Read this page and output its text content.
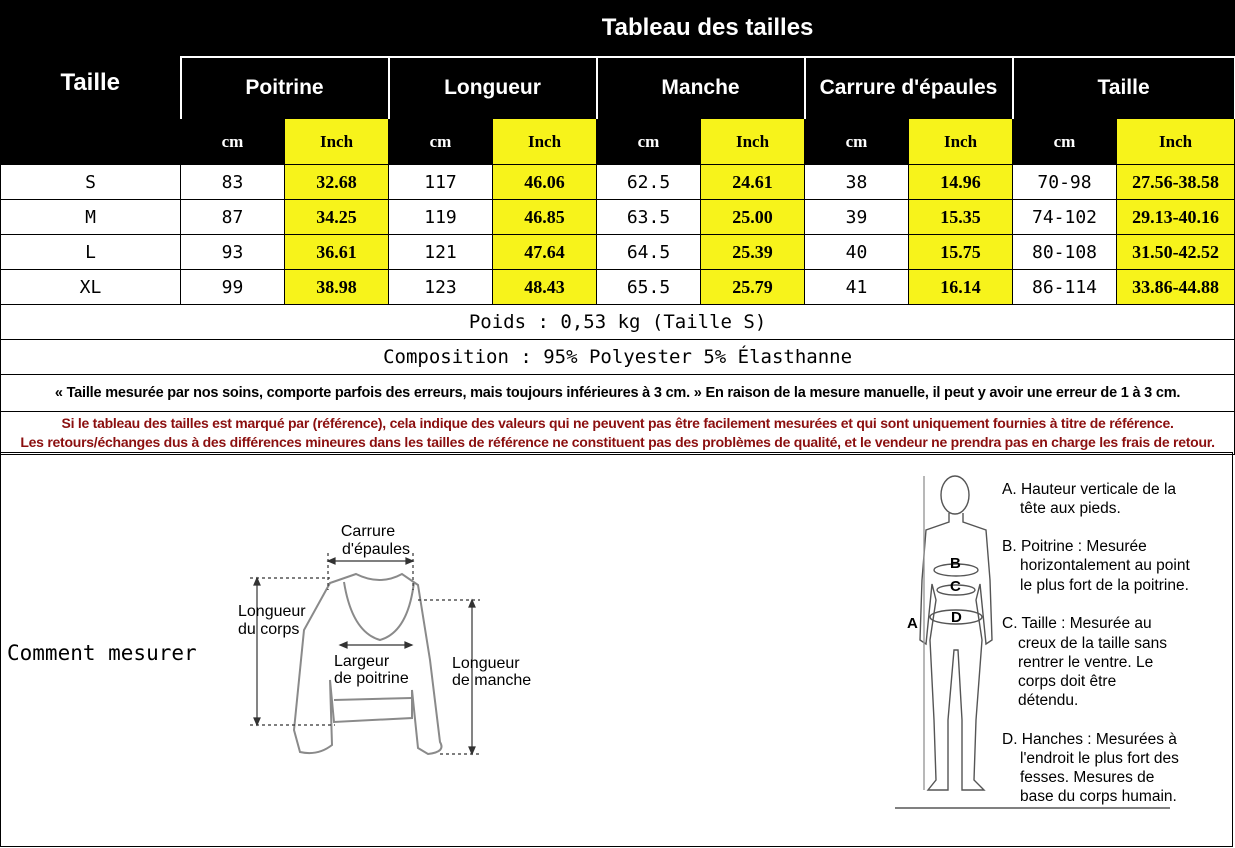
Taille	Tableau des tailles									
	Poitrine		Longueur		Manche		Carrure d'épaules		Taille	
	cm	Inch	cm	Inch	cm	Inch	cm	Inch	cm	Inch
S	83	32.68	117	46.06	62.5	24.61	38	14.96	70-98	27.56-38.58
M	87	34.25	119	46.85	63.5	25.00	39	15.35	74-102	29.13-40.16
L	93	36.61	121	47.64	64.5	25.39	40	15.75	80-108	31.50-42.52
XL	99	38.98	123	48.43	65.5	25.79	41	16.14	86-114	33.86-44.88
Poids : 0,53 kg (Taille S)										
Composition : 95% Polyester 5% Élasthanne										
« Taille mesurée par nos soins, comporte parfois des erreurs, mais toujours inférieures à 3 cm. » En raison de la mesure manuelle, il peut y avoir une erreur de 1 à 3 cm.										

Si le tableau des tailles est marqué par (référence), cela indique des valeurs qui ne peuvent pas être facilement mesurées et qui sont uniquement fournies à titre de référence.
Les retours/échanges dus à des différences mineures dans les tailles de référence ne constituent pas des problèmes de qualité, et le vendeur ne prendra pas en charge les frais de retour.										
Comment mesurer
Carrure
d'épaules
Longueur
du corps
Largeur
de poitrine
Longueur
de manche
B
C
D
A
A. Hauteur verticale de la
tête aux pieds.
B. Poitrine : Mesurée
horizontalement au point
le plus fort de la poitrine.
C. Taille : Mesurée au
creux de la taille sans
rentrer le ventre. Le
corps doit être
détendu.
D. Hanches : Mesurées à
l'endroit le plus fort des
fesses. Mesures de
base du corps humain.
